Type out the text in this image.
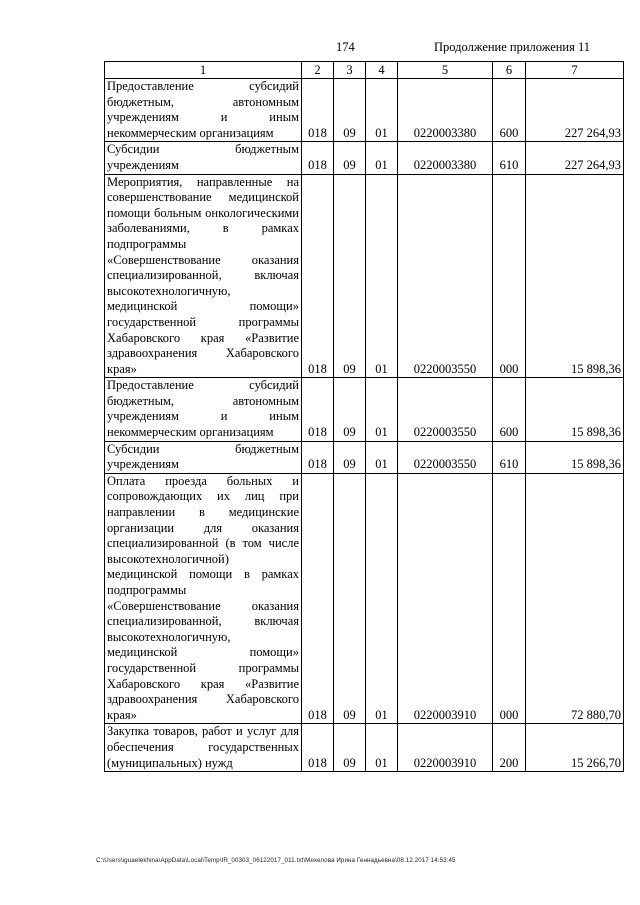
174	Продолжение приложения 11
1	2	3	4	5	6	7
Предоставление субсидий бюджетным, автономным учреждениям и иным некоммерческим организациям	018	09	01	0220003380	600	227 264,93
Субсидии бюджетным учреждениям	018	09	01	0220003380	610	227 264,93
Мероприятия, направленные на совершенствование медицинской помощи больным онкологическими заболеваниями, в рамках подпрограммы «Совершенствование оказания специализированной, включая высокотехнологичную, медицинской помощи» государственной программы Хабаровского края «Развитие здравоохранения Хабаровского края»	018	09	01	0220003550	000	15 898,36
Предоставление субсидий бюджетным, автономным учреждениям и иным некоммерческим организациям	018	09	01	0220003550	600	15 898,36
Субсидии бюджетным учреждениям	018	09	01	0220003550	610	15 898,36
Оплата проезда больных и сопровождающих их лиц при направлении в медицинские организации для оказания специализированной (в том числе высокотехнологичной) медицинской помощи в рамках подпрограммы «Совершенствование оказания специализированной, включая высокотехнологичную, медицинской помощи» государственной программы Хабаровского края «Развитие здравоохранения Хабаровского края»	018	09	01	0220003910	000	72 880,70
Закупка товаров, работ и услуг для обеспечения государственных (муниципальных) нужд	018	09	01	0220003910	200	15 266,70
C:\Users\iguaelekhina\AppData\Local\Temp\IR_00303_06122017_011.txt\Мехелова Ирина Геннадьевна\08.12.2017 14:53:45
